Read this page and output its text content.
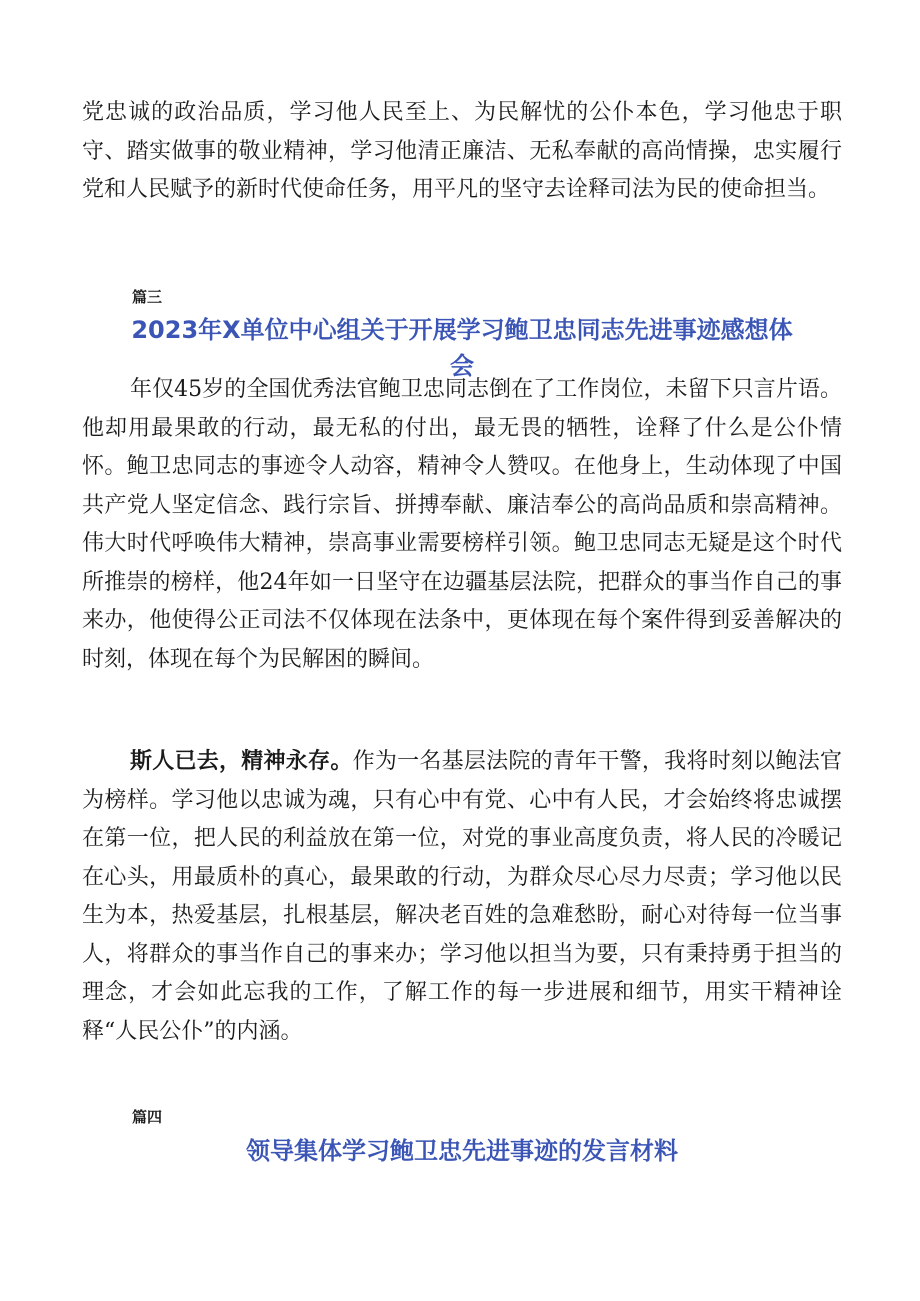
党忠诚的政治品质，学习他人民至上、为民解忧的公仆本色，学习他忠于职守、踏实做事的敬业精神，学习他清正廉洁、无私奉献的高尚情操，忠实履行党和人民赋予的新时代使命任务，用平凡的坚守去诠释司法为民的使命担当。

篇三

2023年X单位中心组关于开展学习鲍卫忠同志先进事迹感想体
会

年仅45岁的全国优秀法官鲍卫忠同志倒在了工作岗位，未留下只言片语。他却用最果敢的行动，最无私的付出，最无畏的牺牲，诠释了什么是公仆情怀。鲍卫忠同志的事迹令人动容，精神令人赞叹。在他身上，生动体现了中国共产党人坚定信念、践行宗旨、拼搏奉献、廉洁奉公的高尚品质和崇高精神。伟大时代呼唤伟大精神，崇高事业需要榜样引领。鲍卫忠同志无疑是这个时代所推崇的榜样，他24年如一日坚守在边疆基层法院，把群众的事当作自己的事来办，他使得公正司法不仅体现在法条中，更体现在每个案件得到妥善解决的时刻，体现在每个为民解困的瞬间。

斯人已去，精神永存。作为一名基层法院的青年干警，我将时刻以鲍法官为榜样。学习他以忠诚为魂，只有心中有党、心中有人民，才会始终将忠诚摆在第一位，把人民的利益放在第一位，对党的事业高度负责，将人民的冷暖记在心头，用最质朴的真心，最果敢的行动，为群众尽心尽力尽责；学习他以民生为本，热爱基层，扎根基层，解决老百姓的急难愁盼，耐心对待每一位当事人，将群众的事当作自己的事来办；学习他以担当为要，只有秉持勇于担当的理念，才会如此忘我的工作，了解工作的每一步进展和细节，用实干精神诠释“人民公仆”的内涵。

篇四

领导集体学习鲍卫忠先进事迹的发言材料
